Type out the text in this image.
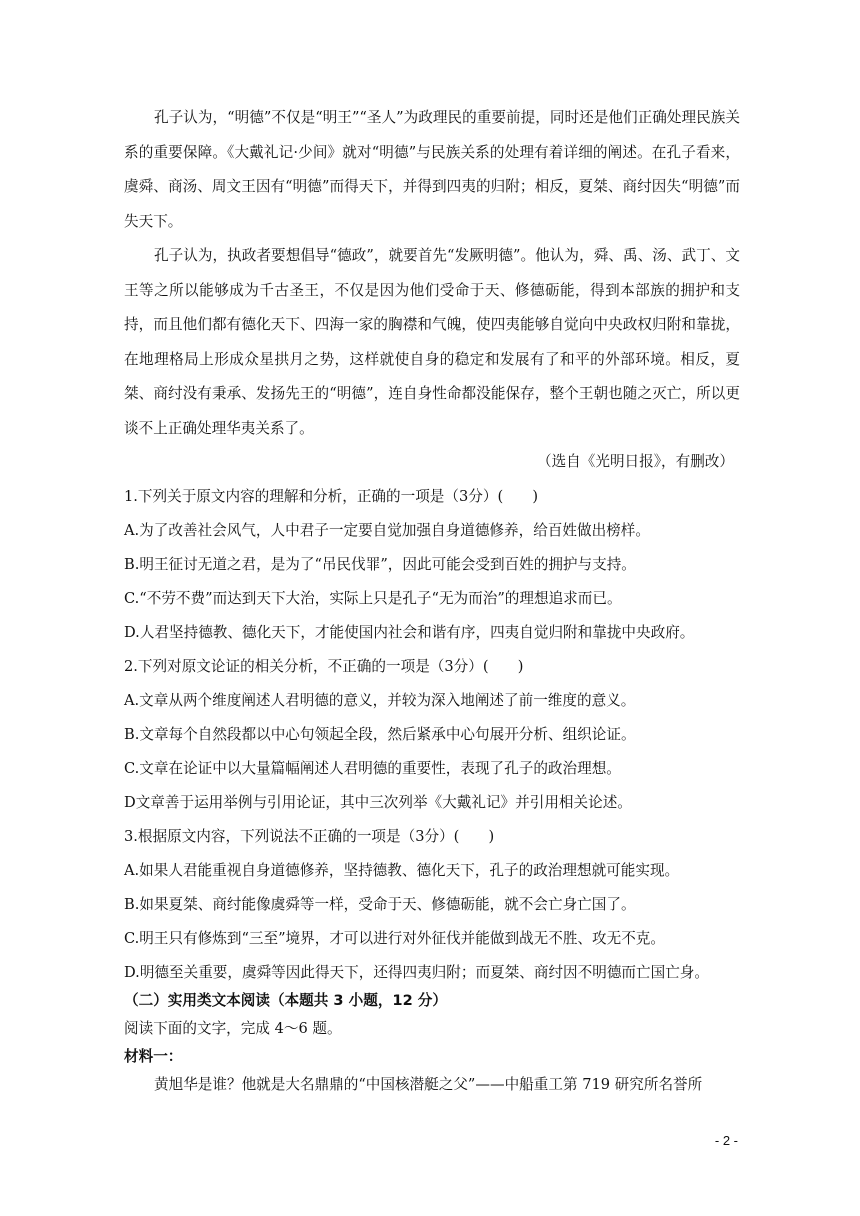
孔子认为，“明德”不仅是“明王”“圣人”为政理民的重要前提，同时还是他们正确处理民族关系的重要保障。《大戴礼记·少间》就对“明德”与民族关系的处理有着详细的阐述。在孔子看来，虞舜、商汤、周文王因有“明德”而得天下，并得到四夷的归附；相反，夏桀、商纣因失“明德”而失天下。

孔子认为，执政者要想倡导“德政”，就要首先“发厥明德”。他认为，舜、禹、汤、武丁、文王等之所以能够成为千古圣王，不仅是因为他们受命于天、修德砺能，得到本部族的拥护和支持，而且他们都有德化天下、四海一家的胸襟和气魄，使四夷能够自觉向中央政权归附和靠拢，在地理格局上形成众星拱月之势，这样就使自身的稳定和发展有了和平的外部环境。相反，夏桀、商纣没有秉承、发扬先王的“明德”，连自身性命都没能保存，整个王朝也随之灭亡，所以更谈不上正确处理华夷关系了。

（选自《光明日报》，有删改）

1.下列关于原文内容的理解和分析，正确的一项是（3分）(　　)

A.为了改善社会风气，人中君子一定要自觉加强自身道德修养，给百姓做出榜样。

B.明王征讨无道之君，是为了“吊民伐罪”，因此可能会受到百姓的拥护与支持。

C.“不劳不费”而达到天下大治，实际上只是孔子“无为而治”的理想追求而已。

D.人君坚持德教、德化天下，才能使国内社会和谐有序，四夷自觉归附和靠拢中央政府。

2.下列对原文论证的相关分析，不正确的一项是（3分）(　　)

A.文章从两个维度阐述人君明德的意义，并较为深入地阐述了前一维度的意义。

B.文章每个自然段都以中心句领起全段，然后紧承中心句展开分析、组织论证。

C.文章在论证中以大量篇幅阐述人君明德的重要性，表现了孔子的政治理想。

D文章善于运用举例与引用论证，其中三次列举《大戴礼记》并引用相关论述。

3.根据原文内容，下列说法不正确的一项是（3分）(　　)

A.如果人君能重视自身道德修养，坚持德教、德化天下，孔子的政治理想就可能实现。

B.如果夏桀、商纣能像虞舜等一样，受命于天、修德砺能，就不会亡身亡国了。

C.明王只有修炼到“三至”境界，才可以进行对外征伐并能做到战无不胜、攻无不克。

D.明德至关重要，虞舜等因此得天下，还得四夷归附；而夏桀、商纣因不明德而亡国亡身。

（二）实用类文本阅读（本题共 3 小题，12 分）

阅读下面的文字，完成 4～6 题。

材料一：

黄旭华是谁？他就是大名鼎鼎的“中国核潜艇之父”——中船重工第 719 研究所名誉所

- 2 -
